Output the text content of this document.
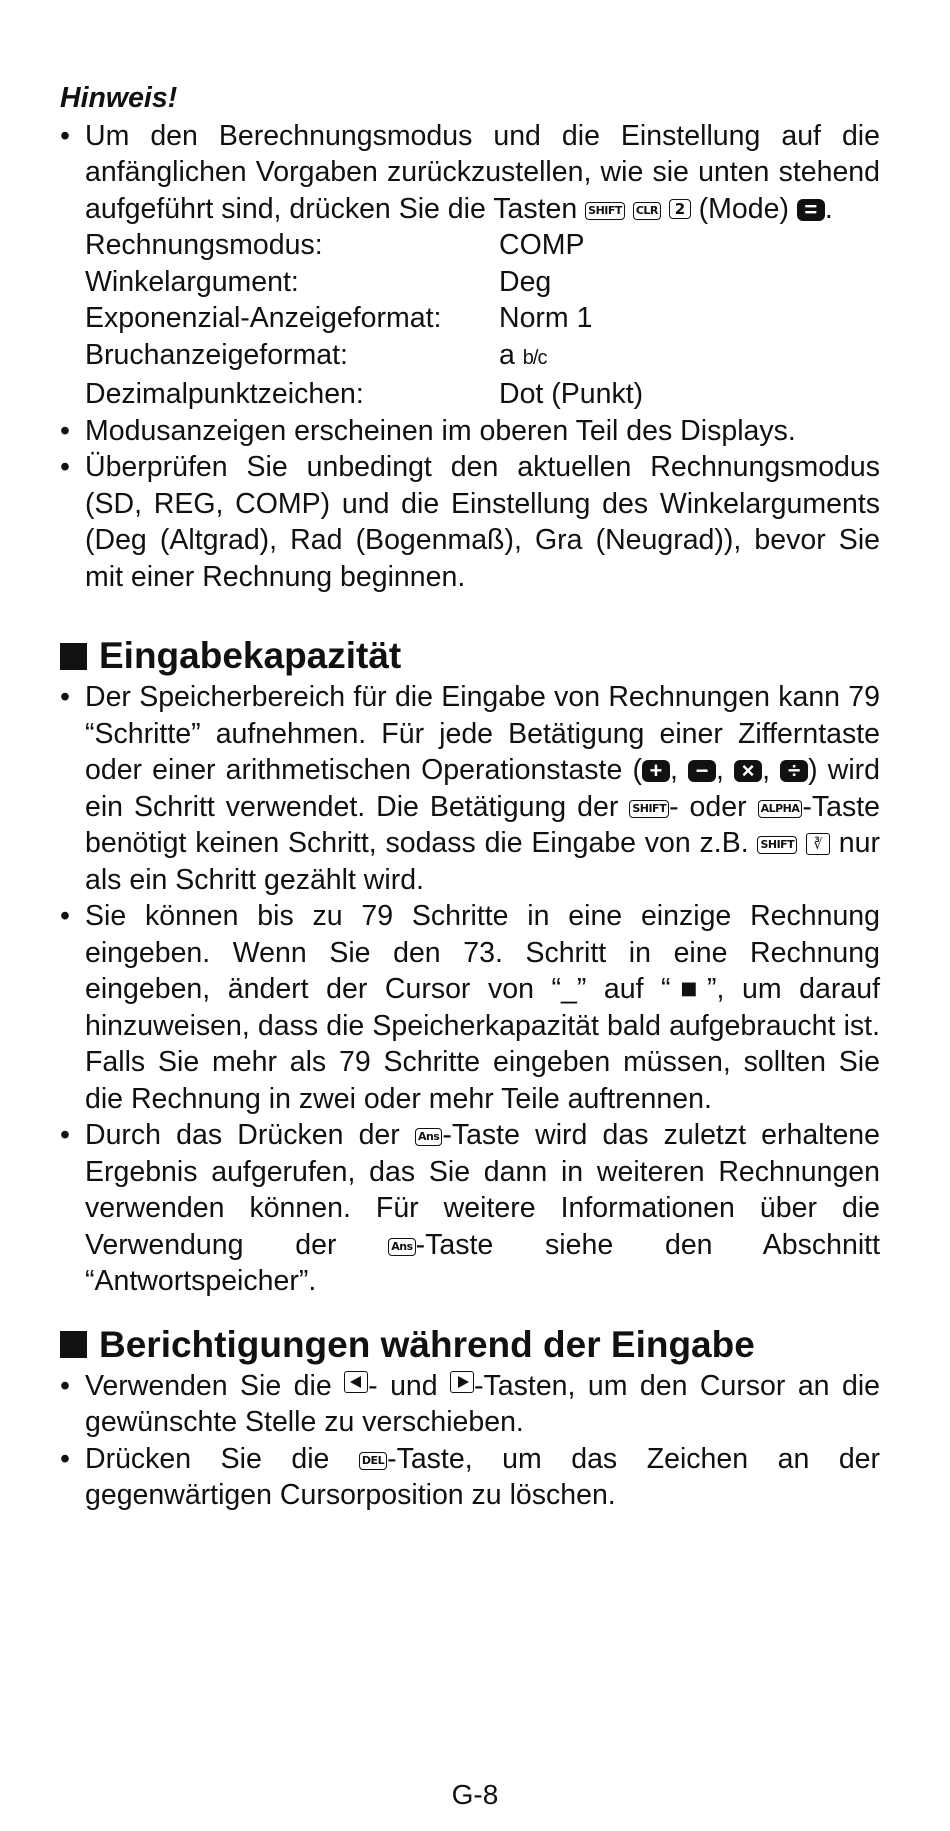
Hinweis!
• Um den Berechnungsmodus und die Einstellung auf die anfänglichen Vorgaben zurückzustellen, wie sie unten stehend aufgeführt sind, drücken Sie die Tasten SHIFT CLR 2 (Mode) = .
Rechnungsmodus:	COMP
Winkelargument:	Deg
Exponenzial-Anzeigeformat:	Norm 1
Bruchanzeigeformat:	a b/c
Dezimalpunktzeichen:	Dot (Punkt)
• Modusanzeigen erscheinen im oberen Teil des Displays.
• Überprüfen Sie unbedingt den aktuellen Rechnungsmodus (SD, REG, COMP) und die Einstellung des Winkelarguments (Deg (Altgrad), Rad (Bogenmaß), Gra (Neugrad)), bevor Sie mit einer Rechnung beginnen.
Eingabekapazität
• Der Speicherbereich für die Eingabe von Rechnungen kann 79 “Schritte” aufnehmen. Für jede Betätigung einer Zifferntaste oder einer arithmetischen Operationstaste ( + , − , × , ÷ ) wird ein Schritt verwendet. Die Betätigung der SHIFT - oder ALPHA -Taste benötigt keinen Schritt, sodass die Eingabe von z.B. SHIFT ∛ nur als ein Schritt gezählt wird.
• Sie können bis zu 79 Schritte in eine einzige Rechnung eingeben. Wenn Sie den 73. Schritt in eine Rechnung eingeben, ändert der Cursor von “_” auf “■”, um darauf hinzuweisen, dass die Speicherkapazität bald aufgebraucht ist. Falls Sie mehr als 79 Schritte eingeben müssen, sollten Sie die Rechnung in zwei oder mehr Teile auftrennen.
• Durch das Drücken der Ans -Taste wird das zuletzt erhaltene Ergebnis aufgerufen, das Sie dann in weiteren Rechnungen verwenden können. Für weitere Informationen über die Verwendung der	Ans -Taste siehe den Abschnitt “Antwortspeicher”.
Berichtigungen während der Eingabe
• Verwenden Sie die - und -Tasten, um den Cursor an die gewünschte Stelle zu verschieben.
• Drücken Sie die	DEL -Taste, um das Zeichen an der gegenwärtigen Cursorposition zu löschen.
G-8
